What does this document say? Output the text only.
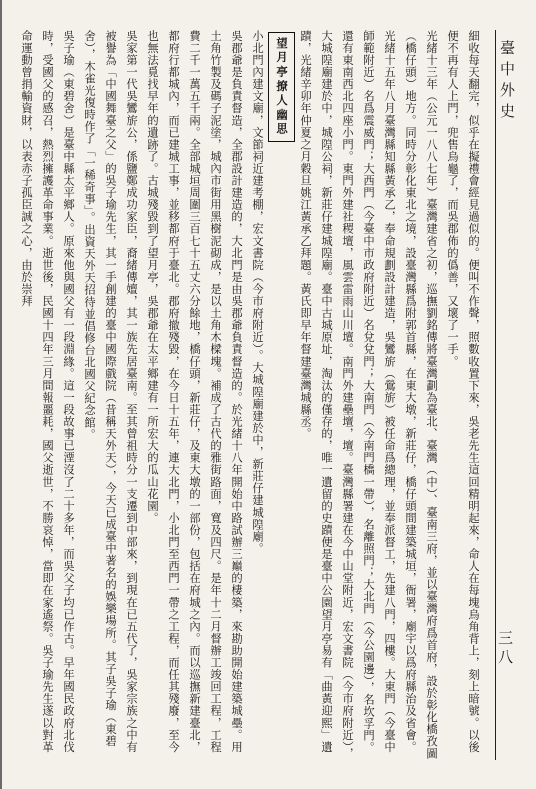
臺中外史
三八

細收每天翻完，似乎在擬禮會經見過似的。便叫不作聲，照數收置下來，吳老先生這回精明起來，命人在每塊烏角背上，刻上暗號。以後便不再有人上門，兜售烏龜了，而吳郡佈的僞善，又壞了一手。

光緒十三年（公元一八八七年）臺灣建省之初，巡撫劉銘傳將臺灣劃為臺北、臺灣（中）、臺南三府，並以臺灣府爲首府，設於彰化橋孜圖（橋仔頭）地方。同時分彰化東北之境，設臺灣縣爲附郭首縣，在東大墩，新莊仔，橋仔頭間建築城垣，衙署，廟宇以爲府縣治及省會。光緒十五年八月臺灣縣知縣黃承乙，奉命規劃設計建造，吳鸞旂（鶯旂）被任命爲總理，並奉派督工，先建八門，四樓。大東門（今臺中師範附近）名爲震威門；大西門（今臺中市政府附近）名兌兌門；大南門（今南門橋一帶），名離照門；大北門（今公園邊），名坎孚門。還有東南西北四座小門。東門外建社稷壇，風雲雷雨山川壇。南門外建壘壇，壇。臺灣縣署建在今中山堂附近，宏文書院（今市府附近），大城隍廟建於中，城隍公祠，新莊仔建城隍廟。臺中古城原址，淘汰的僅存的，唯一遺留的史蹟便是臺中公園望月亭易有「曲黃迎熙」遺蹟，光緒辛卯年仲夏之月穀旦姚江黃承乙拜題。黃氏即早年督建臺灣城縣丞。

望月亭撩人幽思

小北門內建文廟，文節祠近建考棚，宏文書院（今市府附近）。大城隍廟建於中，新莊仔建城隍廟。

吳郡爺是負責督造，全郡設計建造的，大北門是由吳郡爺負責督造的。於光緒十八年開始中路試辦三巔的棲築，來勘助開始建築城壘。用土角竹製及碼子泥塗，城內市街用黑樹泥砌成，是以土角木樑塊。補成了古代的雅街路面，寬及四尺。是年十二月督辦工竣回工程，工程費二千一萬五千兩。全部城垣周圍三百七十五丈六分餘地，橋仔頭，新莊仔，及東大墩的一部份，包括在府城之內。而以巡撫新建臺北，都府行都城內，而已建城工事，並移都府于臺北。郡府撤殘毀，在今日十五年，連大北門，小北門至西門一帶之工程，而任其殘廢，至今也無法覓找早年的遺跡了。古城殘毀到了望月亭，吳郡爺在太平鄉建有一所宏大的瓜山花園。

吳家第一代吳鸞旂公，係鹽鄭成功家臣，裔緒傳嬗，其一族先居臺南。至其曾祖時分一支遷到中部來，到現在已五代了，吳家宗族之中有被譽為「中國舞臺之父」的吳子瑜先生，其一手創建的臺中國際戲院（昔稱天外天），今天已成臺中著名的娛樂場所。其子吳子瑜（東碧舍），木雀光復時作了「一稀奇事」。出資天外天招待並倡修台北國父紀念館。

吳子瑜（東碧舍）是臺中縣太平鄉人。原來他與國父有一段淵緣。這一段故事已湮沒了二十多年，而吳父子均已作古。早年國民政府北伐時，受國父的感召，熱烈擁護革命事業。逝世後，民國十四年三月間報噩耗，國父逝世，不勝哀悼，當即在家遙祭。吳子瑜先生遂以對革命運動曾捐輸資財，以表赤子孤臣誠之心，由於崇拜
